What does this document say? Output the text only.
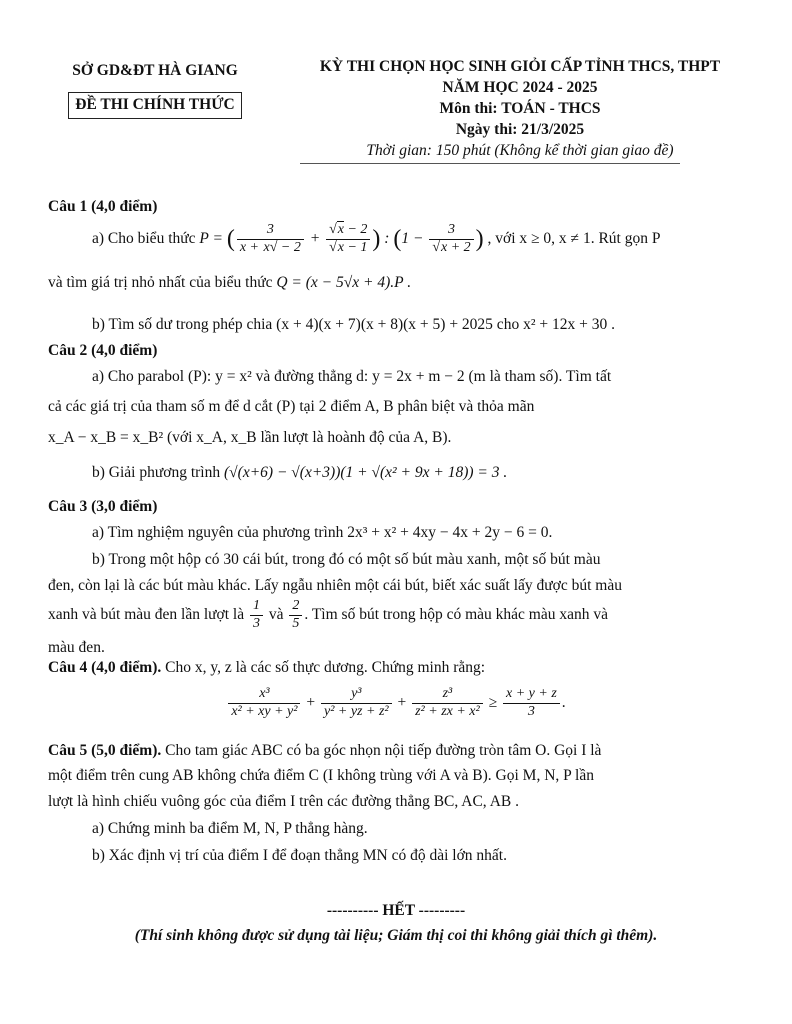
SỞ GD&ĐT HÀ GIANG
ĐỀ THI CHÍNH THỨC
KỲ THI CHỌN HỌC SINH GIỎI CẤP TỈNH THCS, THPT
NĂM HỌC 2024 - 2025
Môn thi: TOÁN - THCS
Ngày thi: 21/3/2025
Thời gian: 150 phút (Không kể thời gian giao đề)
Câu 1 (4,0 điểm)
a) Cho biểu thức P = ( $\frac{3}{x + x√ - 2} + \frac{√x - 2}{√x - 1}$ ) : ($1 - \frac{3}{√x + 2}$ ) , với x ≥ 0, x ≠ 1. Rút gọn P
và tìm giá trị nhỏ nhất của biểu thức Q = (x − 5√x + 4).P .
b) Tìm số dư trong phép chia (x + 4)(x + 7)(x + 8)(x + 5) + 2025 cho x² + 12x + 30 .
Câu 2 (4,0 điểm)
a) Cho parabol (P): y = x² và đường thẳng d: y = 2x + m − 2 (m là tham số). Tìm tất
cả các giá trị của tham số m để d cắt (P) tại 2 điểm A, B phân biệt và thỏa mãn
x_A − x_B = x_B² (với x_A, x_B lần lượt là hoành độ của A, B).
b) Giải phương trình (√(x+6) − √(x+3))(1 + √(x² + 9x + 18)) = 3 .
Câu 3 (3,0 điểm)
a) Tìm nghiệm nguyên của phương trình 2x³ + x² + 4xy − 4x + 2y − 6 = 0.
b) Trong một hộp có 30 cái bút, trong đó có một số bút màu xanh, một số bút màu
đen, còn lại là các bút màu khác. Lấy ngẫu nhiên một cái bút, biết xác suất lấy được bút màu
xanh và bút màu đen lần lượt là $\frac{1}{3}$ và $\frac{2}{5}$ . Tìm số bút trong hộp có màu khác màu xanh và
màu đen.
Câu 4 (4,0 điểm). Cho x, y, z là các số thực dương. Chứng minh rằng:
$\frac{\text{x³}}{\text{x² + xy + y²}} + \frac{\text{y³}}{\text{y² + yz + z²}} + \frac{\text{z³}}{\text{z² + zx + x²}} \ge \frac{x + y + z}{3}$ .
Câu 5 (5,0 điểm). Cho tam giác ABC có ba góc nhọn nội tiếp đường tròn tâm O. Gọi I là
một điểm trên cung AB không chứa điểm C (I không trùng với A và B). Gọi M, N, P lần
lượt là hình chiếu vuông góc của điểm I trên các đường thẳng BC, AC, AB .
a) Chứng minh ba điểm M, N, P thẳng hàng.
b) Xác định vị trí của điểm I để đoạn thẳng MN có độ dài lớn nhất.
---------- HẾT ---------
(Thí sinh không được sử dụng tài liệu; Giám thị coi thi không giải thích gì thêm).
